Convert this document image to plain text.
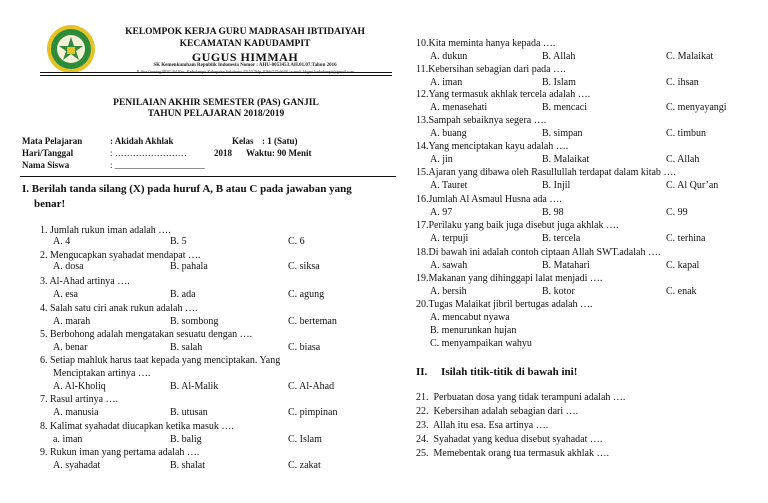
KELOMPOK KERJA GURU MADRASAH IBTIDAIYAH
KECAMATAN KADUDAMPIT
GUGUS HIMMAH
SK Kemenkumham Republik Indonesia Nomor : AHU-0053453.AH.01.07.Tahun 2016
Jl. Sira Gunung RT01 /04 Kec. Kadudampit Kabupaten Sukabumi 43153 Telp. 0266-525-6648 / e-mail: kkgmi.kadudampit@gmail.com
PENILAIAN AKHIR SEMESTER (PAS) GANJIL
TAHUN PELAJARAN 2018/2019
Mata Pelajaran	: Akidah Akhlak	Kelas : 1 (Satu)
Hari/Tanggal	: ……………………	2018 Waktu: 90 Menit
Nama Siswa	: ____________________
I. Berilah tanda silang (X) pada huruf A, B atau C pada jawaban yang
benar!
1. Jumlah rukun iman adalah ….
A. 4	B. 5	C. 6
2. Mengucapkan syahadat mendapat ….
A. dosa	B. pahala	C. siksa
3. Al-Ahad artinya ….
A. esa	B. ada	C. agung
4. Salah satu ciri anak rukun adalah ….
A. marah	B. sombong	C. berteman
5. Berbohong adalah mengatakan sesuatu dengan ….
A. benar	B. salah	C. biasa
6. Setiap mahluk harus taat kepada yang menciptakan. Yang
Menciptakan artinya ….
A. Al-Kholiq	B. Al-Malik	C. Al-Ahad
7. Rasul artinya ….
A. manusia	B. utusan	C. pimpinan
8. Kalimat syahadat diucapkan ketika masuk ….
a. iman	B. balig	C. Islam
9. Rukun iman yang pertama adalah ….
A. syahadat	B. shalat	C. zakat
10.Kita meminta hanya kepada ….
A. dukun	B. Allah	C. Malaikat
11.Kebersihan sebagian dari pada ….
A. iman	B. Islam	C. ihsan
12.Yang termasuk akhlak tercela adalah ….
A. menasehati	B. mencaci	C. menyayangi
13.Sampah sebaiknya segera ….
A. buang	B. simpan	C. timbun
14.Yang menciptakan kayu adalah ….
A. jin	B. Malaikat	C. Allah
15.Ajaran yang dibawa oleh Rasullullah terdapat dalam kitab ….
A. Tauret	B. Injil	C. Al Qur’an
16.Jumlah Al Asmaul Husna ada ….
A. 97	B. 98	C. 99
17.Perilaku yang baik juga disebut juga akhlak ….
A. terpuji	B. tercela	C. terhina
18.Di bawah ini adalah contoh ciptaan Allah SWT.adalah ….
A. sawah	B. Matahari	C. kapal
19.Makanan yang dihinggapi lalat menjadi ….
A. bersih	B. kotor	C. enak
20.Tugas Malaikat jibril bertugas adalah ….
A. mencabut nyawa
B. menurunkan hujan
C. menyampaikan wahyu
II.     Isilah titik-titik di bawah ini!
21.  Perbuatan dosa yang tidak terampuni adalah ….
22.  Kebersihan adalah sebagian dari ….
23.  Allah itu esa. Esa artinya ….
24.  Syahadat yang kedua disebut syahadat ….
25.  Memebentak orang tua termasuk akhlak ….
